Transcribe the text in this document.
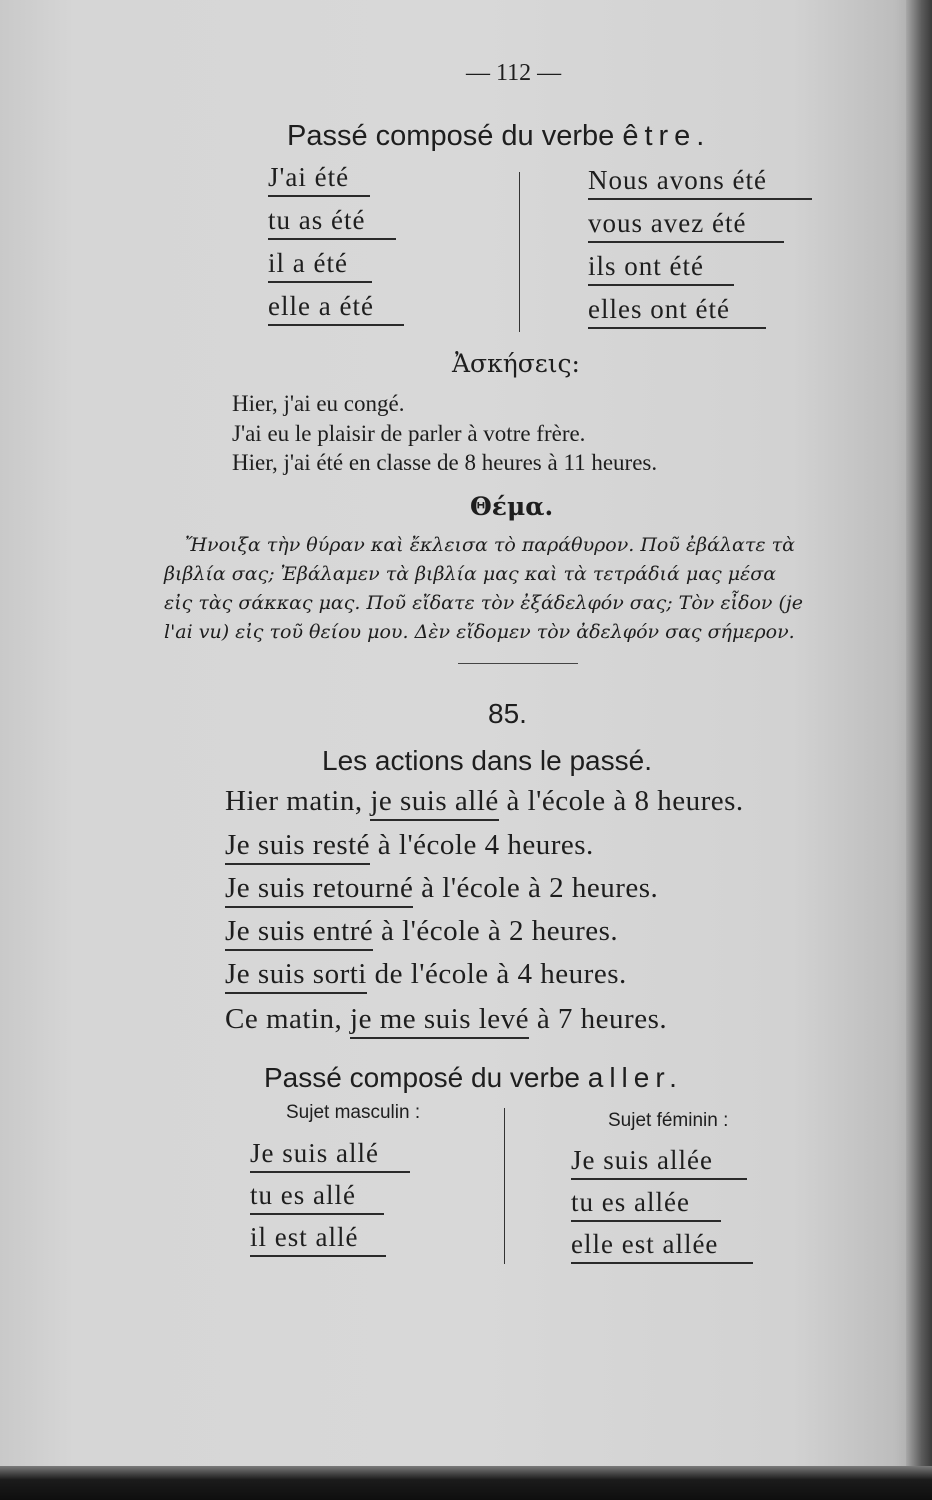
— 112 —
Passé composé du verbe être.
J'ai été
tu as été
il a été
elle a été
Nous avons été
vous avez été
ils ont été
elles ont été
Ἀσκήσεις:
Hier, j'ai eu congé.
J'ai eu le plaisir de parler à votre frère.
Hier, j'ai été en classe de 8 heures à 11 heures.
Θέμα.
Ἤνοιξα τὴν θύραν καὶ ἔκλεισα τὸ παράθυρον. Ποῦ ἐβάλατε τὰ
βιβλία σας; Ἐβάλαμεν τὰ βιβλία μας καὶ τὰ τετράδιά μας μέσα
εἰς τὰς σάκκας μας. Ποῦ εἴδατε τὸν ἐξάδελφόν σας; Τὸν εἶδον (je
l'ai vu) εἰς τοῦ θείου μου. Δὲν εἴδομεν τὸν ἀδελφόν σας σήμερον.
85.
Les actions dans le passé.
Hier matin, je suis allé à l'école à 8 heures.
Je suis resté à l'école 4 heures.
Je suis retourné à l'école à 2 heures.
Je suis entré à l'école à 2 heures.
Je suis sorti de l'école à 4 heures.
Ce matin, je me suis levé à 7 heures.
Passé composé du verbe aller.
Sujet masculin :	Sujet féminin :
Je suis allé
tu es allé
il est allé
Je suis allée
tu es allée
elle est allée
